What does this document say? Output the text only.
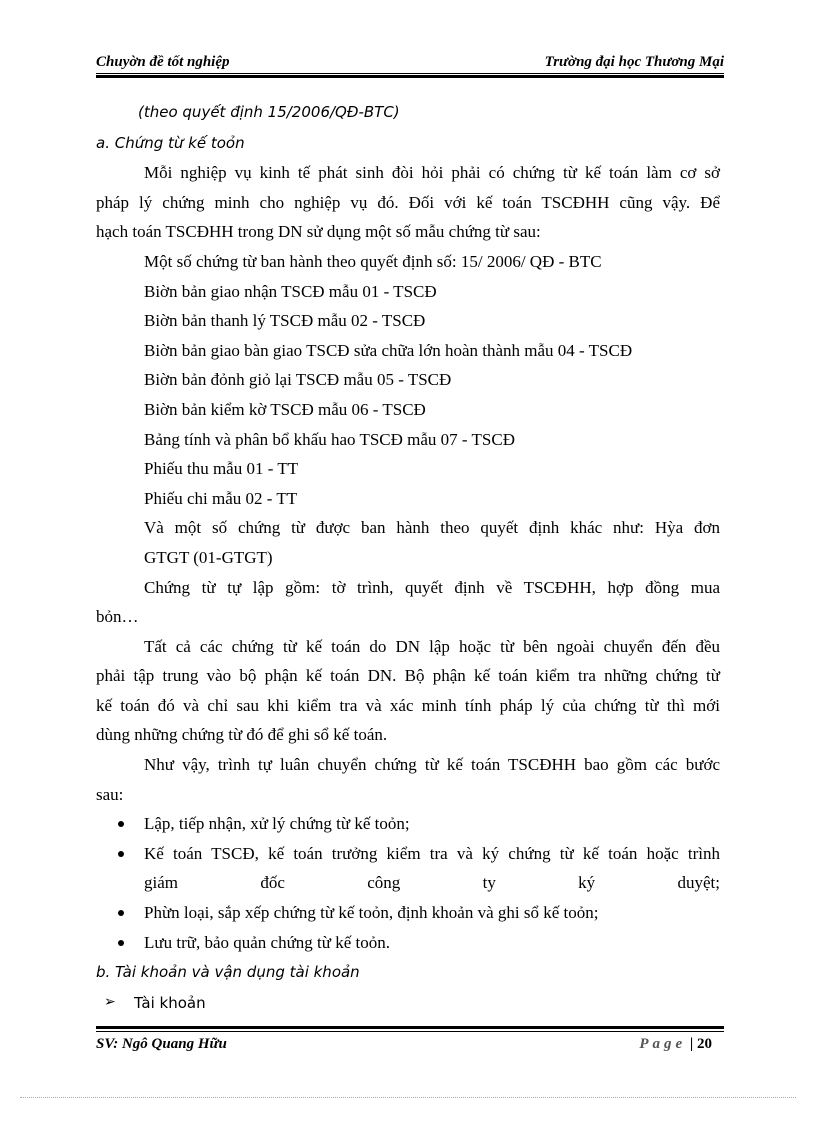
Chuyờn đề tốt nghiệp	Trường đại học Thương Mại
(theo quyết định 15/2006/QĐ-BTC)
a. Chứng từ kế toỏn
Mỗi nghiệp vụ kinh tế phát sinh đòi hỏi phải có chứng từ kế toán làm cơ sở
pháp lý chứng minh cho nghiệp vụ đó. Đối với kế toán TSCĐHH cũng vậy. Để
hạch toán TSCĐHH trong DN sử dụng một số mẫu chứng từ sau:
Một số chứng từ ban hành theo quyết định số: 15/ 2006/ QĐ - BTC
Biờn bản giao nhận TSCĐ mẫu 01 - TSCĐ
Biờn bản thanh lý TSCĐ mẫu 02 - TSCĐ
Biờn bản giao bàn giao TSCĐ sửa chữa lớn hoàn thành mẫu 04 - TSCĐ
Biờn bản đỏnh giỏ lại TSCĐ mẫu 05 - TSCĐ
Biờn bản kiểm kờ TSCĐ mẫu 06 - TSCĐ
Bảng tính và phân bổ khấu hao TSCĐ mẫu 07 - TSCĐ
Phiếu thu mẫu 01 - TT
Phiếu chi mẫu 02 - TT
Và một số chứng từ được ban hành theo quyết định khác như: Hỳa đơn
GTGT (01-GTGT)
Chứng từ tự lập gồm: tờ trình, quyết định về TSCĐHH, hợp đồng mua
bỏn…
Tất cả các chứng từ kế toán do DN lập hoặc từ bên ngoài chuyển đến đều
phải tập trung vào bộ phận kế toán DN. Bộ phận kế toán kiểm tra những chứng từ
kế toán đó và chỉ sau khi kiểm tra và xác minh tính pháp lý của chứng từ thì mới
dùng những chứng từ đó để ghi sổ kế toán.
Như vậy, trình tự luân chuyển chứng từ kế toán TSCĐHH bao gồm các bước
sau:
Lập, tiếp nhận, xử lý chứng từ kế toỏn;
Kế toán TSCĐ, kế toán trưởng kiểm tra và ký chứng từ kế toán hoặc trình
giám đốc công ty ký duyệt;
Phừn loại, sắp xếp chứng từ kế toỏn, định khoản và ghi sổ kế toỏn;
Lưu trữ, bảo quản chứng từ kế toỏn.
b. Tài khoản và vận dụng tài khoản
➢ Tài khoản
SV: Ngô Quang Hữu	Page | 20
